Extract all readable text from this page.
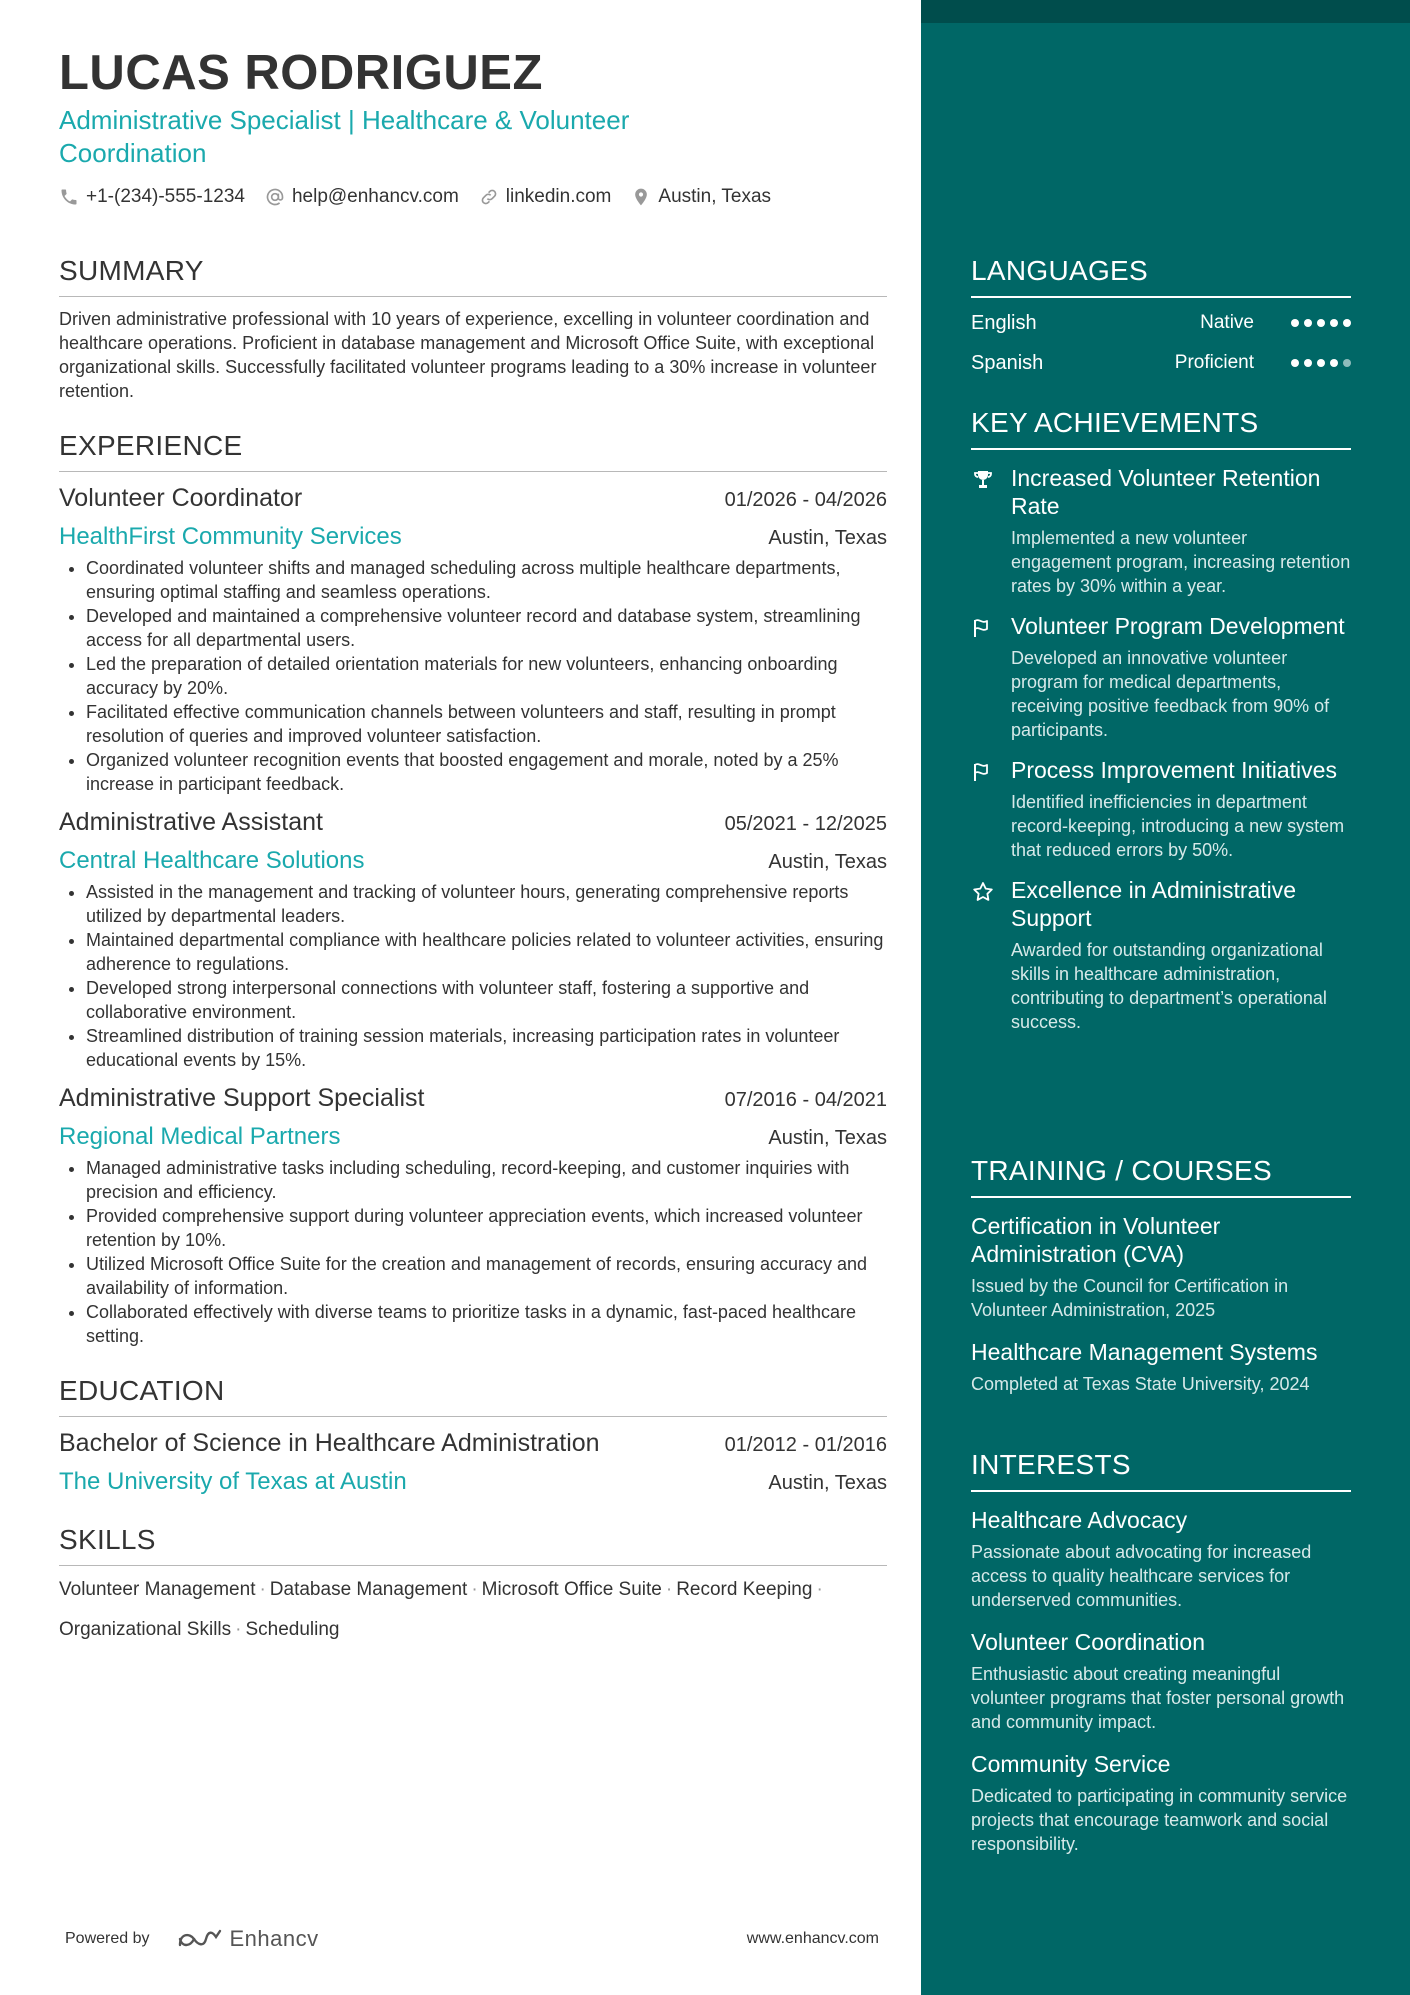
LUCAS RODRIGUEZ
Administrative Specialist | Healthcare & Volunteer Coordination
+1-(234)-555-1234 help@enhancv.com linkedin.com Austin, Texas
SUMMARY
Driven administrative professional with 10 years of experience, excelling in volunteer coordination and healthcare operations. Proficient in database management and Microsoft Office Suite, with exceptional organizational skills. Successfully facilitated volunteer programs leading to a 30% increase in volunteer retention.
EXPERIENCE
Volunteer Coordinator	01/2026 - 04/2026
HealthFirst Community Services	Austin, Texas
• Coordinated volunteer shifts and managed scheduling across multiple healthcare departments, ensuring optimal staffing and seamless operations.
• Developed and maintained a comprehensive volunteer record and database system, streamlining access for all departmental users.
• Led the preparation of detailed orientation materials for new volunteers, enhancing onboarding accuracy by 20%.
• Facilitated effective communication channels between volunteers and staff, resulting in prompt resolution of queries and improved volunteer satisfaction.
• Organized volunteer recognition events that boosted engagement and morale, noted by a 25% increase in participant feedback.
Administrative Assistant	05/2021 - 12/2025
Central Healthcare Solutions	Austin, Texas
• Assisted in the management and tracking of volunteer hours, generating comprehensive reports utilized by departmental leaders.
• Maintained departmental compliance with healthcare policies related to volunteer activities, ensuring adherence to regulations.
• Developed strong interpersonal connections with volunteer staff, fostering a supportive and collaborative environment.
• Streamlined distribution of training session materials, increasing participation rates in volunteer educational events by 15%.
Administrative Support Specialist	07/2016 - 04/2021
Regional Medical Partners	Austin, Texas
• Managed administrative tasks including scheduling, record-keeping, and customer inquiries with precision and efficiency.
• Provided comprehensive support during volunteer appreciation events, which increased volunteer retention by 10%.
• Utilized Microsoft Office Suite for the creation and management of records, ensuring accuracy and availability of information.
• Collaborated effectively with diverse teams to prioritize tasks in a dynamic, fast-paced healthcare setting.
EDUCATION
Bachelor of Science in Healthcare Administration	01/2012 - 01/2016
The University of Texas at Austin	Austin, Texas
SKILLS
Volunteer Management · Database Management · Microsoft Office Suite · Record Keeping ·
Organizational Skills · Scheduling
Powered by	Enhancv	www.enhancv.com
LANGUAGES
English	Native
Spanish	Proficient
KEY ACHIEVEMENTS
Increased Volunteer Retention Rate
Implemented a new volunteer engagement program, increasing retention rates by 30% within a year.
Volunteer Program Development
Developed an innovative volunteer program for medical departments, receiving positive feedback from 90% of participants.
Process Improvement Initiatives
Identified inefficiencies in department record-keeping, introducing a new system that reduced errors by 50%.
Excellence in Administrative Support
Awarded for outstanding organizational skills in healthcare administration, contributing to department’s operational success.
TRAINING / COURSES
Certification in Volunteer Administration (CVA)
Issued by the Council for Certification in Volunteer Administration, 2025
Healthcare Management Systems
Completed at Texas State University, 2024
INTERESTS
Healthcare Advocacy
Passionate about advocating for increased access to quality healthcare services for underserved communities.
Volunteer Coordination
Enthusiastic about creating meaningful volunteer programs that foster personal growth and community impact.
Community Service
Dedicated to participating in community service projects that encourage teamwork and social responsibility.
